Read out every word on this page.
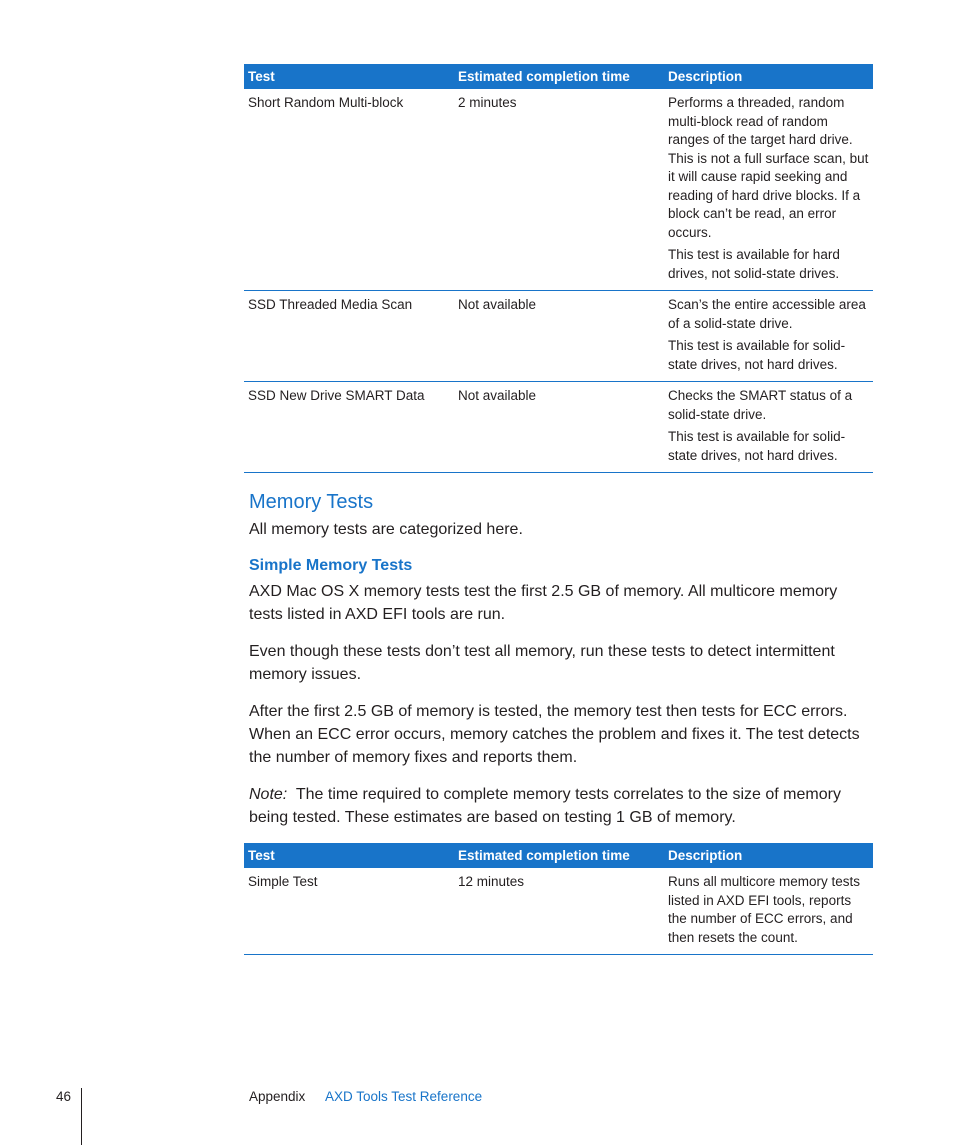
Test	Estimated completion time	Description
Short Random Multi-block	2 minutes	Performs a threaded, random multi-block read of random ranges of the target hard drive. This is not a full surface scan, but it will cause rapid seeking and reading of hard drive blocks. If a block can’t be read, an error occurs.

This test is available for hard drives, not solid-state drives.

SSD Threaded Media Scan	Not available	Scan’s the entire accessible area of a solid-state drive.

This test is available for solid-state drives, not hard drives.

SSD New Drive SMART Data	Not available	Checks the SMART status of a solid-state drive.

This test is available for solid-state drives, not hard drives.

Memory Tests

All memory tests are categorized here.

Simple Memory Tests

AXD Mac OS X memory tests test the first 2.5 GB of memory. All multicore memory tests listed in AXD EFI tools are run.

Even though these tests don’t test all memory, run these tests to detect intermittent memory issues.

After the first 2.5 GB of memory is tested, the memory test then tests for ECC errors. When an ECC error occurs, memory catches the problem and fixes it. The test detects the number of memory fixes and reports them.

Note: The time required to complete memory tests correlates to the size of memory being tested. These estimates are based on testing 1 GB of memory.

Test	Estimated completion time	Description
Simple Test	12 minutes	Runs all multicore memory tests listed in AXD EFI tools, reports the number of ECC errors, and then resets the count.

46	Appendix AXD Tools Test Reference
